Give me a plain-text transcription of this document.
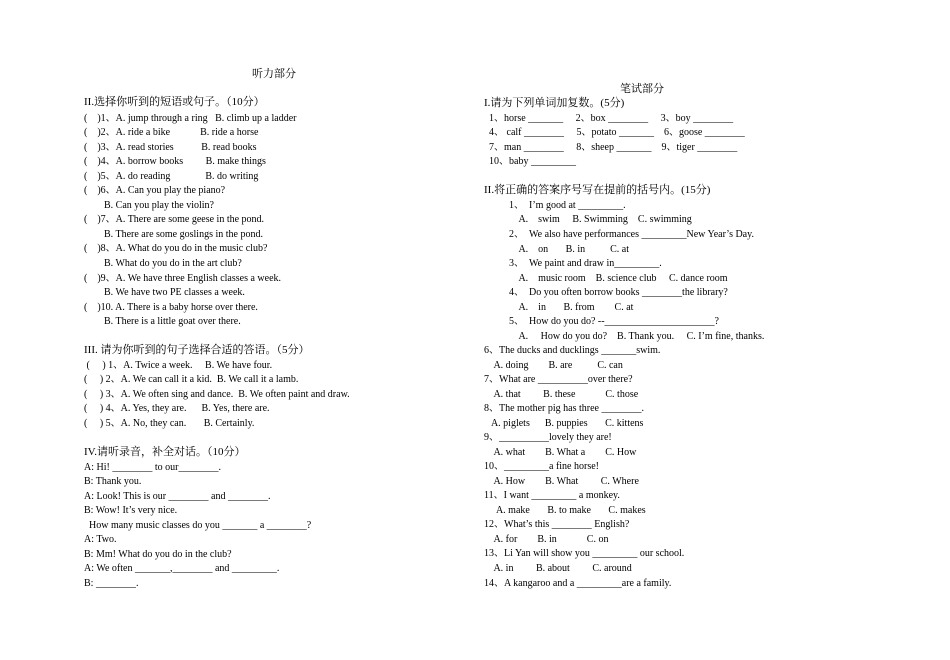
听力部分
II.选择你听到的短语或句子。（10分）
(    )1、A. jump through a ring   B. climb up a ladder
(    )2、A. ride a bike            B. ride a horse
(    )3、A. read stories           B. read books
(    )4、A. borrow books         B. make things
(    )5、A. do reading              B. do writing
(    )6、A. Can you play the piano?
B. Can you play the violin?
(    )7、A. There are some geese in the pond.
B. There are some goslings in the pond.
(    )8、A. What do you do in the music club?
B. What do you do in the art club?
(    )9、A. We have three English classes a week.
B. We have two PE classes a week.
(    )10. A. There is a baby horse over there.
B. There is a little goat over there.
III. 请为你听到的句子选择合适的答语。（5分）
(     ) 1、A. Twice a week.     B. We have four.
(     ) 2、A. We can call it a kid.  B. We call it a lamb.
(     ) 3、A. We often sing and dance.  B. We often paint and draw.
(     ) 4、A. Yes, they are.      B. Yes, there are.
(     ) 5、A. No, they can.       B. Certainly.
IV.请听录音，补全对话。（10分）
A: Hi! ________ to our________.
B: Thank you.
A: Look! This is our ________ and ________.
B: Wow! It’s very nice.
How many music classes do you _______ a ________?
A: Two.
B: Mm! What do you do in the club?
A: We often _______,________ and _________.
B: ________.
笔试部分
I.请为下列单词加复数。(5分)
1、horse _______     2、box ________     3、boy ________
4、 calf ________     5、potato _______    6、goose ________
7、man ________     8、sheep _______    9、tiger ________
10、baby _________
II.将正确的答案序号写在提前的括号内。(15分)
1、  I’m good at _________.
A.    swim     B. Swimming    C. swimming
2、  We also have performances _________New Year’s Day.
A.    on       B. in          C. at
3、  We paint and draw in_________.
A.    music room    B. science club     C. dance room
4、  Do you often borrow books ________the library?
A.    in       B. from        C. at
5、  How do you do? --______________________?
A.     How do you do?    B. Thank you.     C. I’m fine, thanks.
6、The ducks and ducklings _______swim.
A. doing        B. are          C. can
7、What are __________over there?
A. that         B. these            C. those
8、The mother pig has three ________.
A. piglets      B. puppies       C. kittens
9、__________lovely they are!
A. what        B. What a        C. How
10、_________a fine horse!
A. How        B. What         C. Where
11、I want _________ a monkey.
A. make       B. to make       C. makes
12、What’s this ________ English?
A. for        B. in            C. on
13、Li Yan will show you _________ our school.
A. in         B. about         C. around
14、A kangaroo and a _________are a family.
